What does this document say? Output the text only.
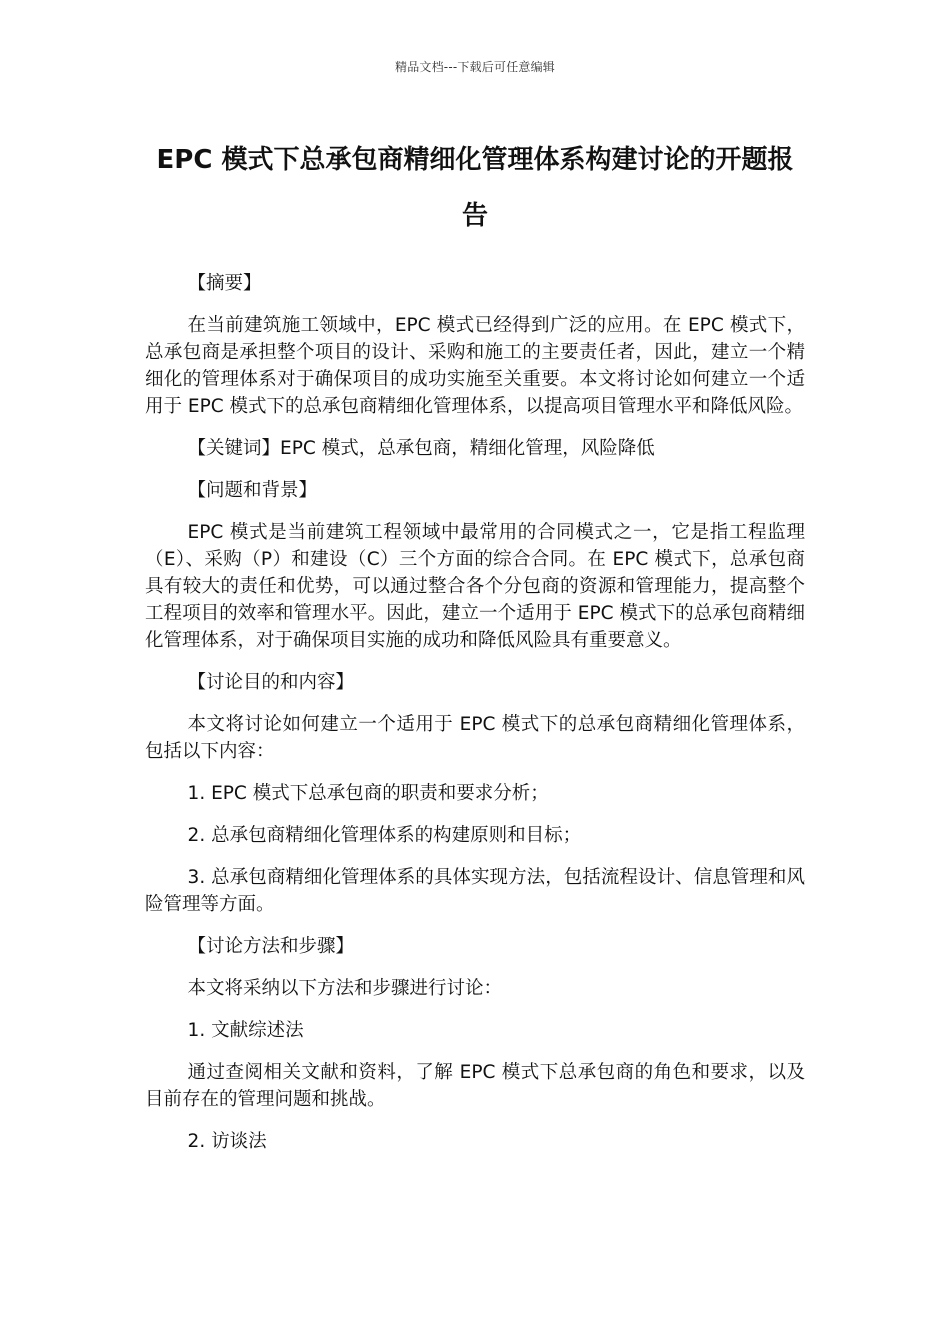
精品文档---下载后可任意编辑
EPC 模式下总承包商精细化管理体系构建讨论的开题报告
【摘要】
在当前建筑施工领域中，EPC 模式已经得到广泛的应用。在 EPC 模式下，总承包商是承担整个项目的设计、采购和施工的主要责任者，因此，建立一个精细化的管理体系对于确保项目的成功实施至关重要。本文将讨论如何建立一个适用于 EPC 模式下的总承包商精细化管理体系，以提高项目管理水平和降低风险。
【关键词】EPC 模式，总承包商，精细化管理，风险降低
【问题和背景】
EPC 模式是当前建筑工程领域中最常用的合同模式之一，它是指工程监理（E）、采购（P）和建设（C）三个方面的综合合同。在 EPC 模式下，总承包商具有较大的责任和优势，可以通过整合各个分包商的资源和管理能力，提高整个工程项目的效率和管理水平。因此，建立一个适用于 EPC 模式下的总承包商精细化管理体系，对于确保项目实施的成功和降低风险具有重要意义。
【讨论目的和内容】
本文将讨论如何建立一个适用于 EPC 模式下的总承包商精细化管理体系，包括以下内容：
1. EPC 模式下总承包商的职责和要求分析；
2. 总承包商精细化管理体系的构建原则和目标；
3. 总承包商精细化管理体系的具体实现方法，包括流程设计、信息管理和风险管理等方面。
【讨论方法和步骤】
本文将采纳以下方法和步骤进行讨论：
1. 文献综述法
通过查阅相关文献和资料，了解 EPC 模式下总承包商的角色和要求，以及目前存在的管理问题和挑战。
2. 访谈法
